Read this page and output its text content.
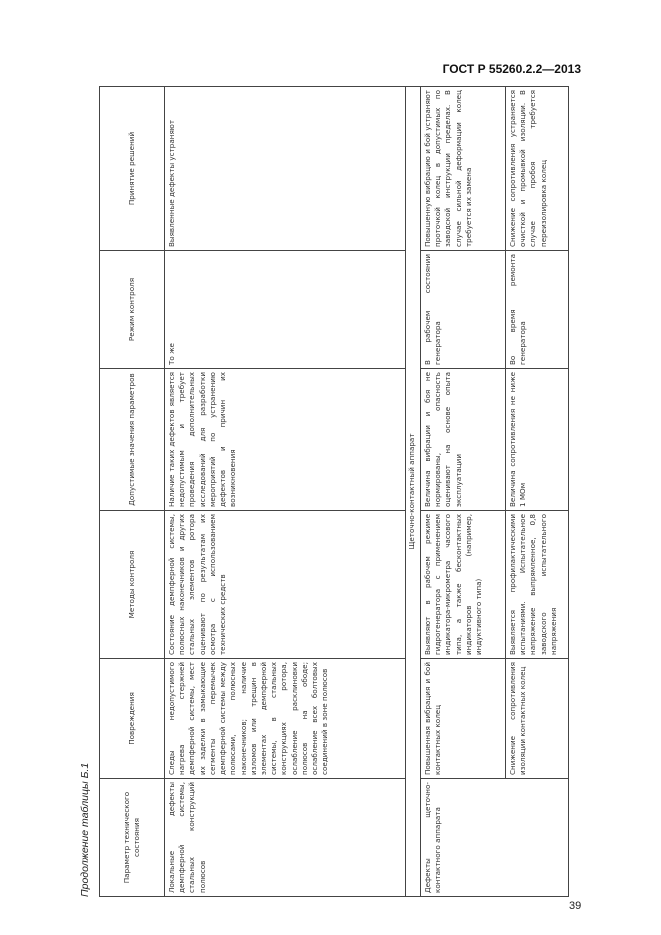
ГОСТ Р 55260.2.2—2013
Продолжение таблицы Б.1	Параметр технического состояния	Повреждения	Методы контроля	Допустимые значения параметров	Режим контроля	Принятие решений
Локальные дефекты демпферной системы, стальных конструкций полюсов	Следы недопустимого нагрева стержней демпферной системы, мест их заделки в замыкающие сегменты перемычек демпферной системы между полюсами, полюсных наконечников; наличие изломов или трещин в элементах демпферной системы, в стальных конструкциях ротора, ослабление расклиновки полюсов на ободе; ослабление всех болтовых соединений в зоне полюсов	Состояние демпферной системы, полюсных наконечников и других стальных элементов ротора оценивают по результатам их осмотра с использованием технических средств	Наличие таких дефектов является недопустимым и требует проведения дополнительных исследований для разработки мероприятий по устранению дефектов и причин их возникновения	То же	Выявленные дефекты устраняют
Щеточно-контактный аппарат					
Дефекты щеточно-контактного аппарата	Повышенная вибрация и бой контактных колец	Выявляют в рабочем режиме гидрогенератора с применением индикатора-микрометра часового типа, а также бесконтактных индикаторов (например, индуктивного типа)	Величина вибрации и боя не нормированы, опасность оценивают на основе опыта эксплуатации	В рабочем состоянии генератора	Повышенную вибрацию и бой устраняют проточкой колец в допустимых по заводской инструкции пределах. В случае сильной деформации колец требуется их замена
	Снижение сопротивления изоляции контактных колец	Выявляется профилактическими испытаниями. Испытательное напряжение выпрямленное, 0,8 заводского испытательного напряжения	Величина сопротивления не ниже 1 МОм	Во время ремонта генератора	Снижение сопротивления устраняется очисткой и промывкой изоляции. В случае пробоя требуется переизолировка колец
39
